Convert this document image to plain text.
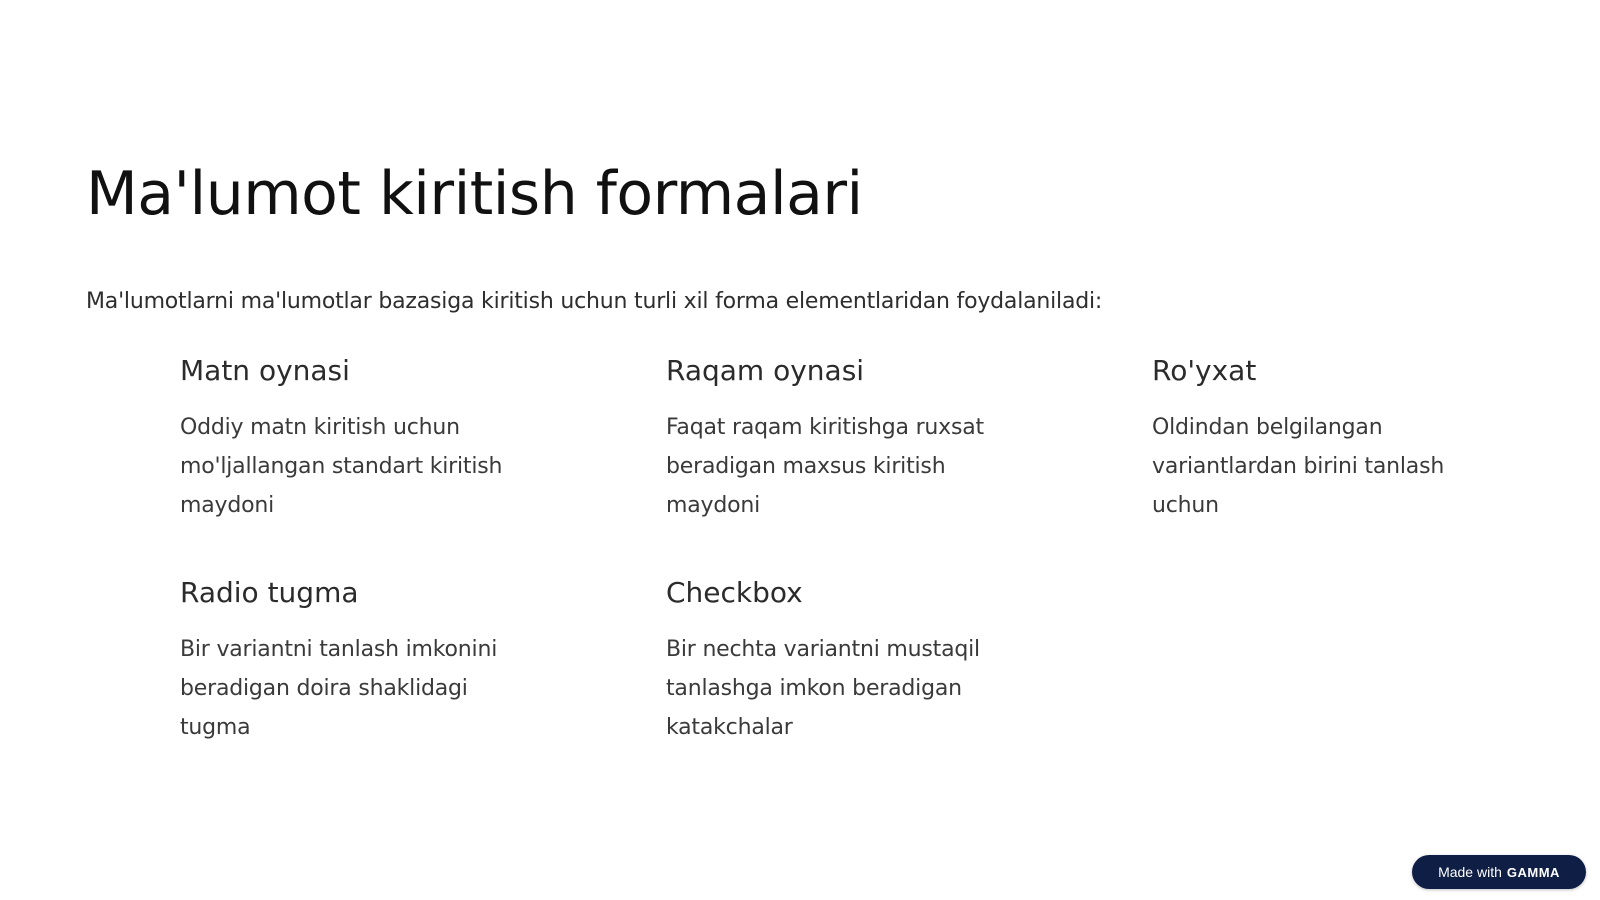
Ma'lumot kiritish formalari

Ma'lumotlarni ma'lumotlar bazasiga kiritish uchun turli xil forma elementlaridan foydalaniladi:

Matn oynasi

Oddiy matn kiritish uchun mo'ljallangan standart kiritish maydoni

Raqam oynasi

Faqat raqam kiritishga ruxsat beradigan maxsus kiritish maydoni

Ro'yxat

Oldindan belgilangan variantlardan birini tanlash uchun

Radio tugma

Bir variantni tanlash imkonini beradigan doira shaklidagi tugma

Checkbox

Bir nechta variantni mustaqil tanlashga imkon beradigan katakchalar

Made with GAMMA
